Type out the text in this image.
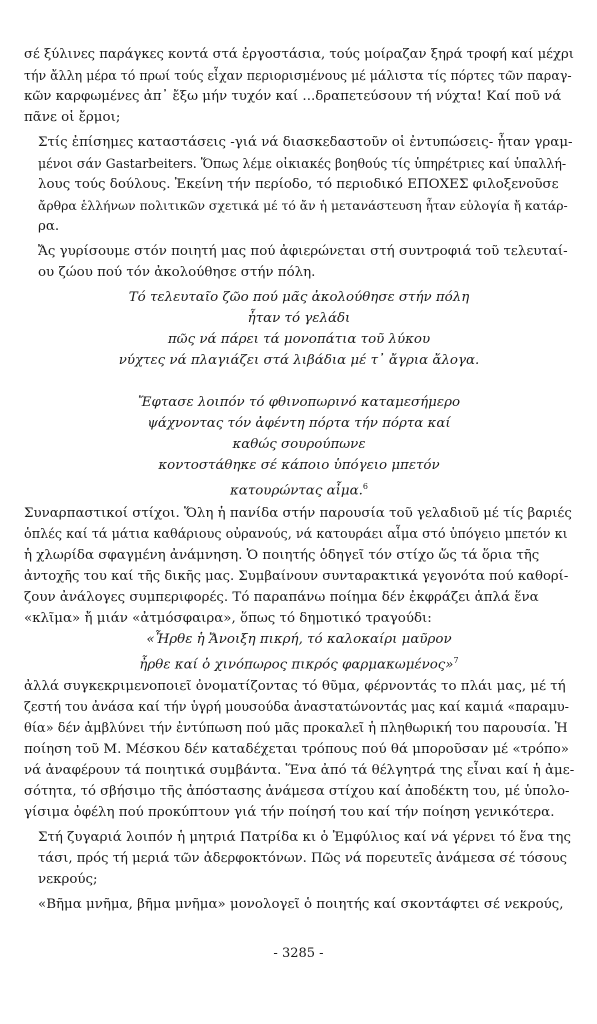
σέ ξύλινες παράγκες κοντά στά ἐργοστάσια, τούς μοίραζαν ξηρά τροφή καί μέχρι
τήν ἄλλη μέρα τό πρωί τούς εἶχαν περιορισμένους μέ μάλιστα τίς πόρτες τῶν παραγ-
κῶν καρφωμένες ἀπ᾽ ἔξω μήν τυχόν καί ...δραπετεύσουν τή νύχτα! Καί ποῦ νά
πᾶνε οἱ ἔρμοι;

Στίς ἐπίσημες καταστάσεις -γιά νά διασκεδαστοῦν οἱ ἐντυπώσεις- ἦταν γραμ-
μένοι σάν Gastarbeiters. Ὅπως λέμε οἰκιακές βοηθούς τίς ὑπηρέτριες καί ὑπαλλή-
λους τούς δούλους. Ἐκείνη τήν περίοδο, τό περιοδικό ΕΠΟΧΕΣ φιλοξενοῦσε
ἄρθρα ἑλλήνων πολιτικῶν σχετικά μέ τό ἄν ἡ μετανάστευση ἦταν εὐλογία ἤ κατάρ-
ρα.

Ἄς γυρίσουμε στόν ποιητή μας πού ἀφιερώνεται στή συντροφιά τοῦ τελευταί-
ου ζώου πού τόν ἀκολούθησε στήν πόλη.

Τό τελευταῖο ζῶο πού μᾶς ἀκολούθησε στήν πόλη

ἦταν τό γελάδι

πῶς νά πάρει τά μονοπάτια τοῦ λύκου

νύχτες νά πλαγιάζει στά λιβάδια μέ τ᾽ ἄγρια ἄλογα.

Ἔφτασε λοιπόν τό φθινοπωρινό καταμεσήμερο

ψάχνοντας τόν ἀφέντη πόρτα τήν πόρτα καί

καθώς σουρούπωνε

κοντοστάθηκε σέ κάποιο ὑπόγειο μπετόν

κατουρώντας αἷμα.$^6$

Συναρπαστικοί στίχοι. Ὅλη ἡ πανίδα στήν παρουσία τοῦ γελαδιοῦ μέ τίς βαριές
ὁπλές καί τά μάτια καθάριους οὐρανούς, νά κατουράει αἷμα στό ὑπόγειο μπετόν κι
ἡ χλωρίδα σφαγμένη ἀνάμνηση. Ὁ ποιητής ὁδηγεῖ τόν στίχο ὥς τά ὅρια τῆς
ἀντοχῆς του καί τῆς δικῆς μας. Συμβαίνουν συνταρακτικά γεγονότα πού καθορί-
ζουν ἀνάλογες συμπεριφορές. Τό παραπάνω ποίημα δέν ἐκφράζει ἁπλά ἕνα
«κλῖμα» ἤ μιάν «ἀτμόσφαιρα», ὅπως τό δημοτικό τραγούδι:

«Ἦρθε ἡ Ἄνοιξη πικρή, τό καλοκαίρι μαῦρον

ἦρθε καί ὁ χινόπωρος πικρός φαρμακωμένος»$^7$

ἀλλά συγκεκριμενοποιεῖ ὀνοματίζοντας τό θῦμα, φέρνοντάς το πλάι μας, μέ τή
ζεστή του ἀνάσα καί τήν ὑγρή μουσούδα ἀναστατώνοντάς μας καί καμιά «παραμυ-
θία» δέν ἀμβλύνει τήν ἐντύπωση πού μᾶς προκαλεῖ ἡ πληθωρική του παρουσία. Ἡ
ποίηση τοῦ Μ. Μέσκου δέν καταδέχεται τρόπους πού θά μποροῦσαν μέ «τρόπο»
νά ἀναφέρουν τά ποιητικά συμβάντα. Ἕνα ἀπό τά θέλγητρά της εἶναι καί ἡ ἀμε-
σότητα, τό σβήσιμο τῆς ἀπόστασης ἀνάμεσα στίχου καί ἀποδέκτη του, μέ ὑπολο-
γίσιμα ὀφέλη πού προκύπτουν γιά τήν ποίησή του καί τήν ποίηση γενικότερα.

Στή ζυγαριά λοιπόν ἡ μητριά Πατρίδα κι ὁ Ἐμφύλιος καί νά γέρνει τό ἕνα της
τάσι, πρός τή μεριά τῶν ἀδερφοκτόνων. Πῶς νά πορευτεῖς ἀνάμεσα σέ τόσους
νεκρούς;

«Βῆμα μνῆμα, βῆμα μνῆμα» μονολογεῖ ὁ ποιητής καί σκοντάφτει σέ νεκρούς,

- 3285 -
